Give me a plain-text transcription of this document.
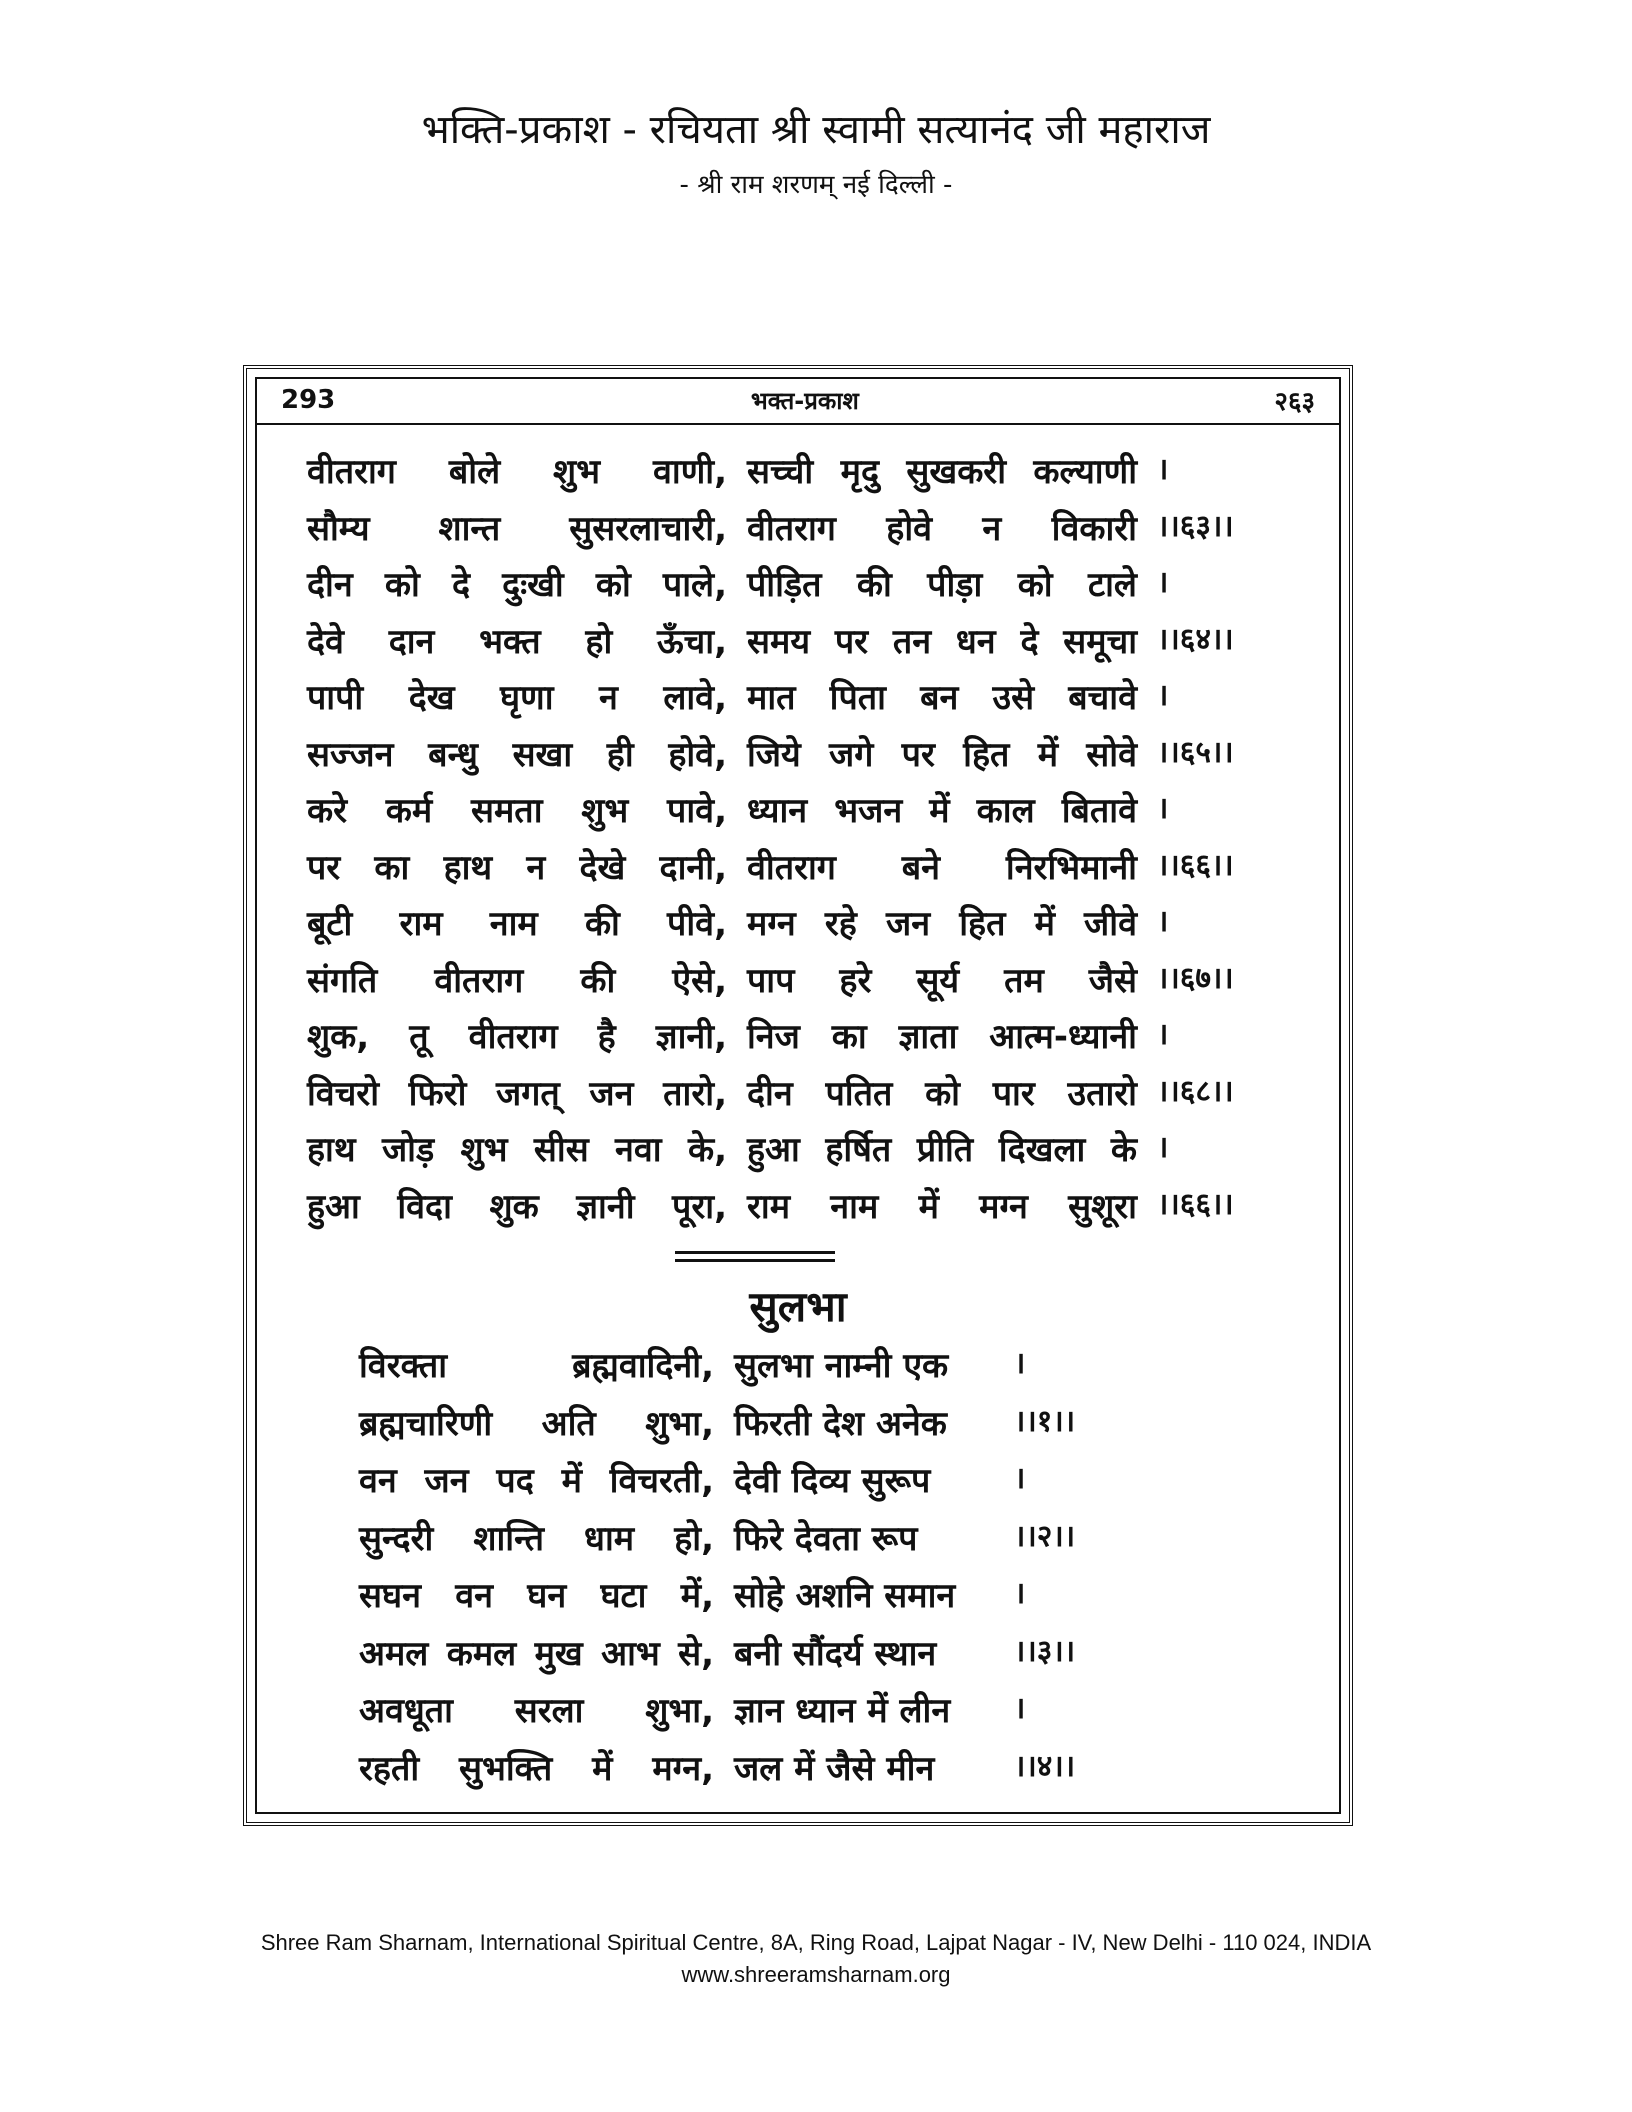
भक्ति-प्रकाश - रचियता श्री स्वामी सत्यानंद जी महाराज
- श्री राम शरणम् नई दिल्ली -
293	भक्त-प्रकाश	२६३
वीतराग बोले शुभ वाणी, सच्ची मृदु सुखकरी कल्याणी ।
सौम्य शान्त सुसरलाचारी, वीतराग होवे न विकारी ।।६३।।
दीन को दे दुःखी को पाले, पीड़ित की पीड़ा को टाले ।
देवे दान भक्त हो ऊँचा, समय पर तन धन दे समूचा ।।६४।।
पापी देख घृणा न लावे, मात पिता बन उसे बचावे ।
सज्जन बन्धु सखा ही होवे, जिये जगे पर हित में सोवे ।।६५।।
करे कर्म समता शुभ पावे, ध्यान भजन में काल बितावे ।
पर का हाथ न देखे दानी, वीतराग बने निरभिमानी ।।६६।।
बूटी राम नाम की पीवे, मग्न रहे जन हित में जीवे ।
संगति वीतराग की ऐसे, पाप हरे सूर्य तम जैसे ।।६७।।
शुक, तू वीतराग है ज्ञानी, निज का ज्ञाता आत्म-ध्यानी ।
विचरो फिरो जगत् जन तारो, दीन पतित को पार उतारो ।।६८।।
हाथ जोड़ शुभ सीस नवा के, हुआ हर्षित प्रीति दिखला के ।
हुआ विदा शुक ज्ञानी पूरा, राम नाम में मग्न सुशूरा ।।६६।।
सुलभा
विरक्ता ब्रह्मवादिनी, सुलभा नाम्नी एक	।
ब्रह्मचारिणी अति शुभा, फिरती देश अनेक	।।१।।
वन जन पद में विचरती, देवी दिव्य सुरूप	।
सुन्दरी शान्ति धाम हो, फिरे देवता रूप	।।२।।
सघन वन घन घटा में, सोहे अशनि समान	।
अमल कमल मुख आभ से, बनी सौंदर्य स्थान	।।३।।
अवधूता सरला शुभा, ज्ञान ध्यान में लीन	।
रहती सुभक्ति में मग्न, जल में जैसे मीन	।।४।।
Shree Ram Sharnam, International Spiritual Centre, 8A, Ring Road, Lajpat Nagar - IV, New Delhi - 110 024, INDIA
www.shreeramsharnam.org
